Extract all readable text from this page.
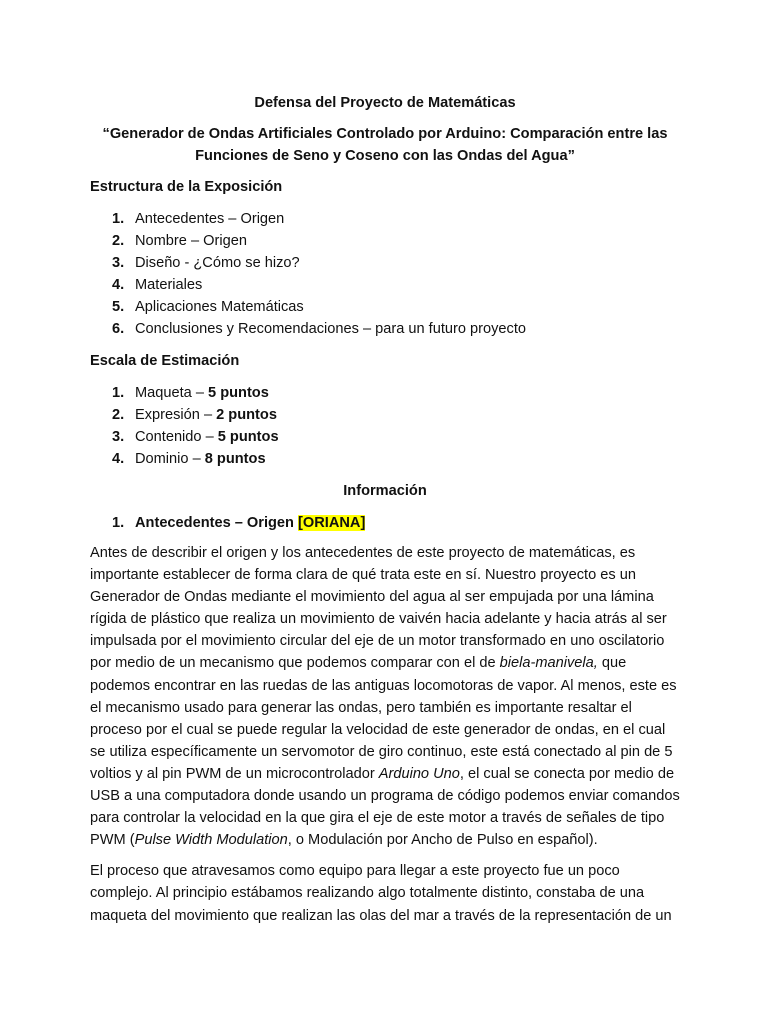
Defensa del Proyecto de Matemáticas
“Generador de Ondas Artificiales Controlado por Arduino: Comparación entre las
Funciones de Seno y Coseno con las Ondas del Agua”
Estructura de la Exposición
1. Antecedentes – Origen
2. Nombre – Origen
3. Diseño - ¿Cómo se hizo?
4. Materiales
5. Aplicaciones Matemáticas
6. Conclusiones y Recomendaciones – para un futuro proyecto
Escala de Estimación
1. Maqueta – 5 puntos
2. Expresión – 2 puntos
3. Contenido – 5 puntos
4. Dominio – 8 puntos
Información
1. Antecedentes – Origen [ORIANA]

Antes de describir el origen y los antecedentes de este proyecto de matemáticas, es importante establecer de forma clara de qué trata este en sí. Nuestro proyecto es un Generador de Ondas mediante el movimiento del agua al ser empujada por una lámina rígida de plástico que realiza un movimiento de vaivén hacia adelante y hacia atrás al ser impulsada por el movimiento circular del eje de un motor transformado en uno oscilatorio por medio de un mecanismo que podemos comparar con el de biela-manivela, que podemos encontrar en las ruedas de las antiguas locomotoras de vapor. Al menos, este es el mecanismo usado para generar las ondas, pero también es importante resaltar el proceso por el cual se puede regular la velocidad de este generador de ondas, en el cual se utiliza específicamente un servomotor de giro continuo, este está conectado al pin de 5 voltios y al pin PWM de un microcontrolador Arduino Uno, el cual se conecta por medio de USB a una computadora donde usando un programa de código podemos enviar comandos para controlar la velocidad en la que gira el eje de este motor a través de señales de tipo PWM (Pulse Width Modulation, o Modulación por Ancho de Pulso en español).

El proceso que atravesamos como equipo para llegar a este proyecto fue un poco complejo. Al principio estábamos realizando algo totalmente distinto, constaba de una maqueta del movimiento que realizan las olas del mar a través de la representación de un
